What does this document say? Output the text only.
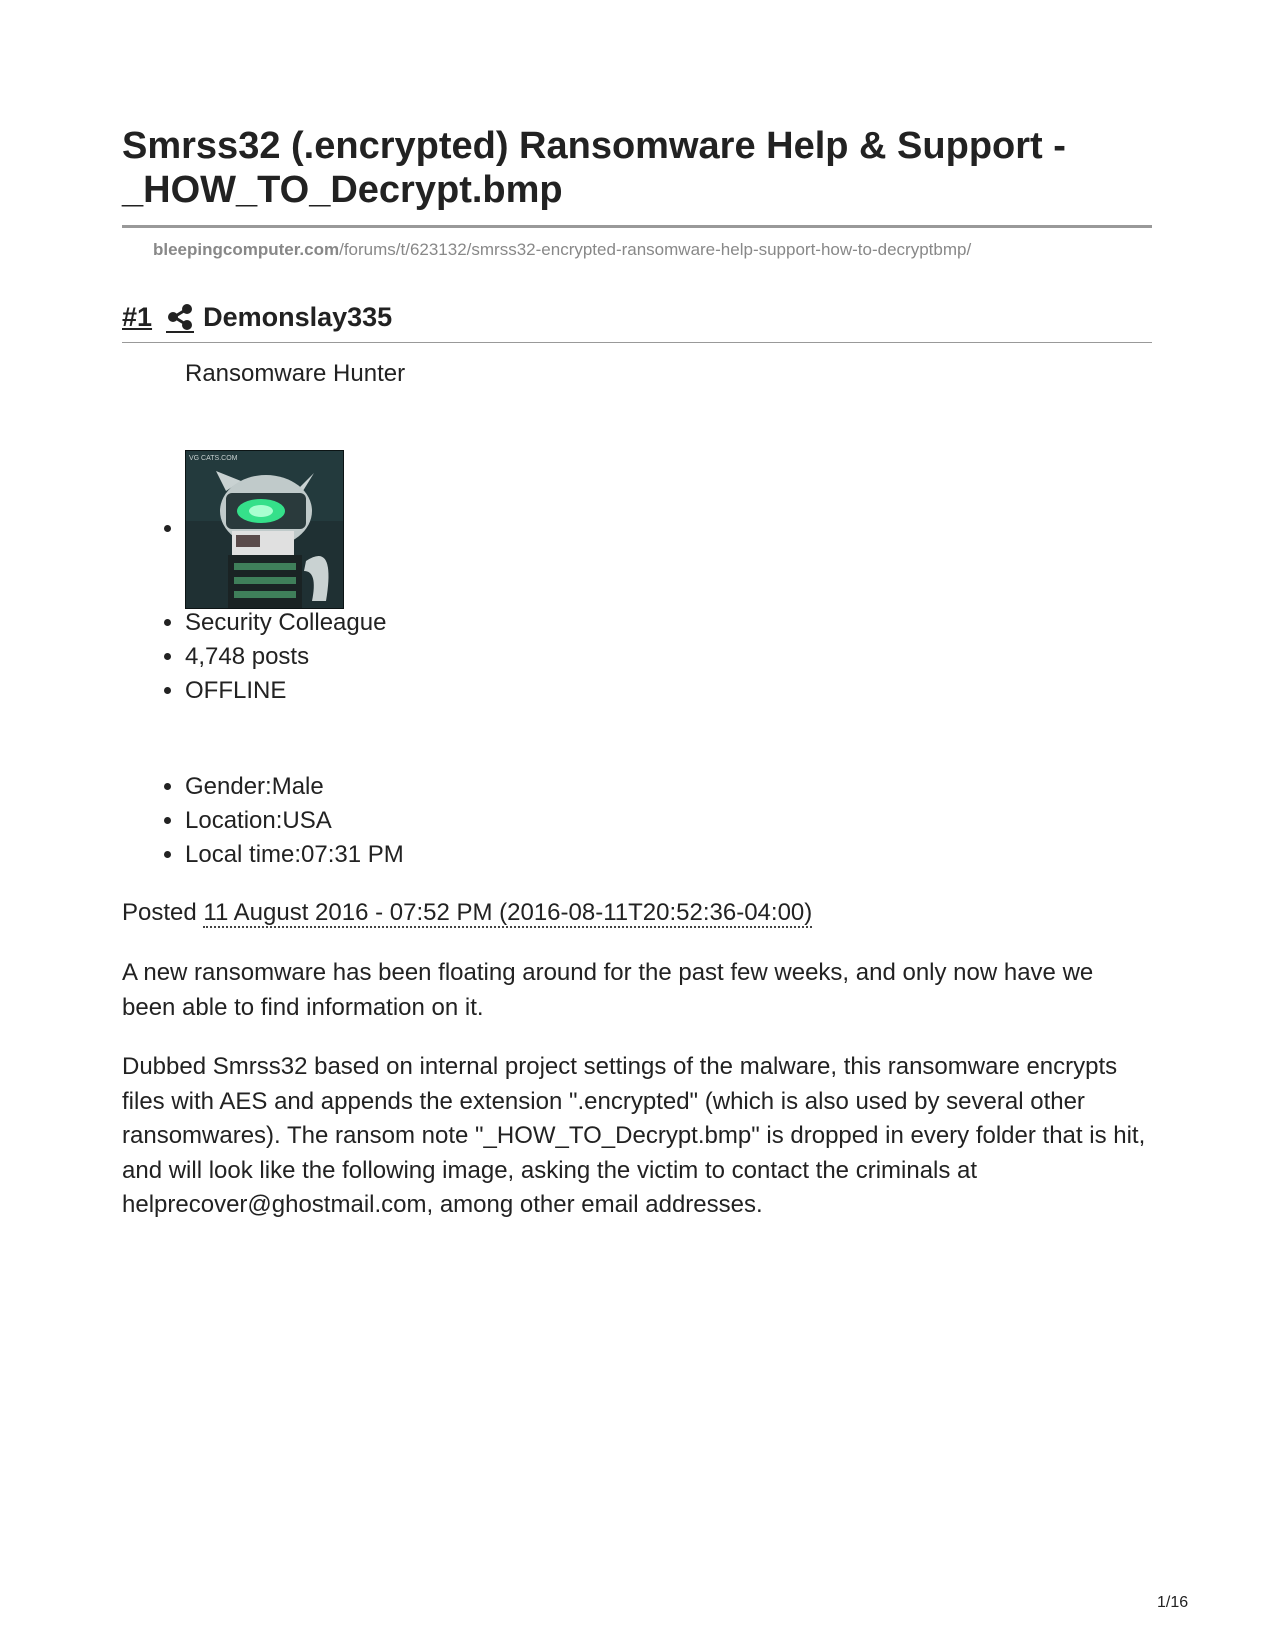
Smrss32 (.encrypted) Ransomware Help & Support - _HOW_TO_Decrypt.bmp
bleepingcomputer.com/forums/t/623132/smrss32-encrypted-ransomware-help-support-how-to-decryptbmp/
#1 Demonslay335
Ransomware Hunter
• VG CATS.COM
• Security Colleague
• 4,748 posts
• OFFLINE
• Gender:Male
• Location:USA
• Local time:07:31 PM
Posted 11 August 2016 - 07:52 PM (2016-08-11T20:52:36-04:00)

A new ransomware has been floating around for the past few weeks, and only now have we been able to find information on it.

Dubbed Smrss32 based on internal project settings of the malware, this ransomware encrypts files with AES and appends the extension ".encrypted" (which is also used by several other ransomwares). The ransom note "_HOW_TO_Decrypt.bmp" is dropped in every folder that is hit, and will look like the following image, asking the victim to contact the criminals at helprecover@ghostmail.com, among other email addresses.

1/16
